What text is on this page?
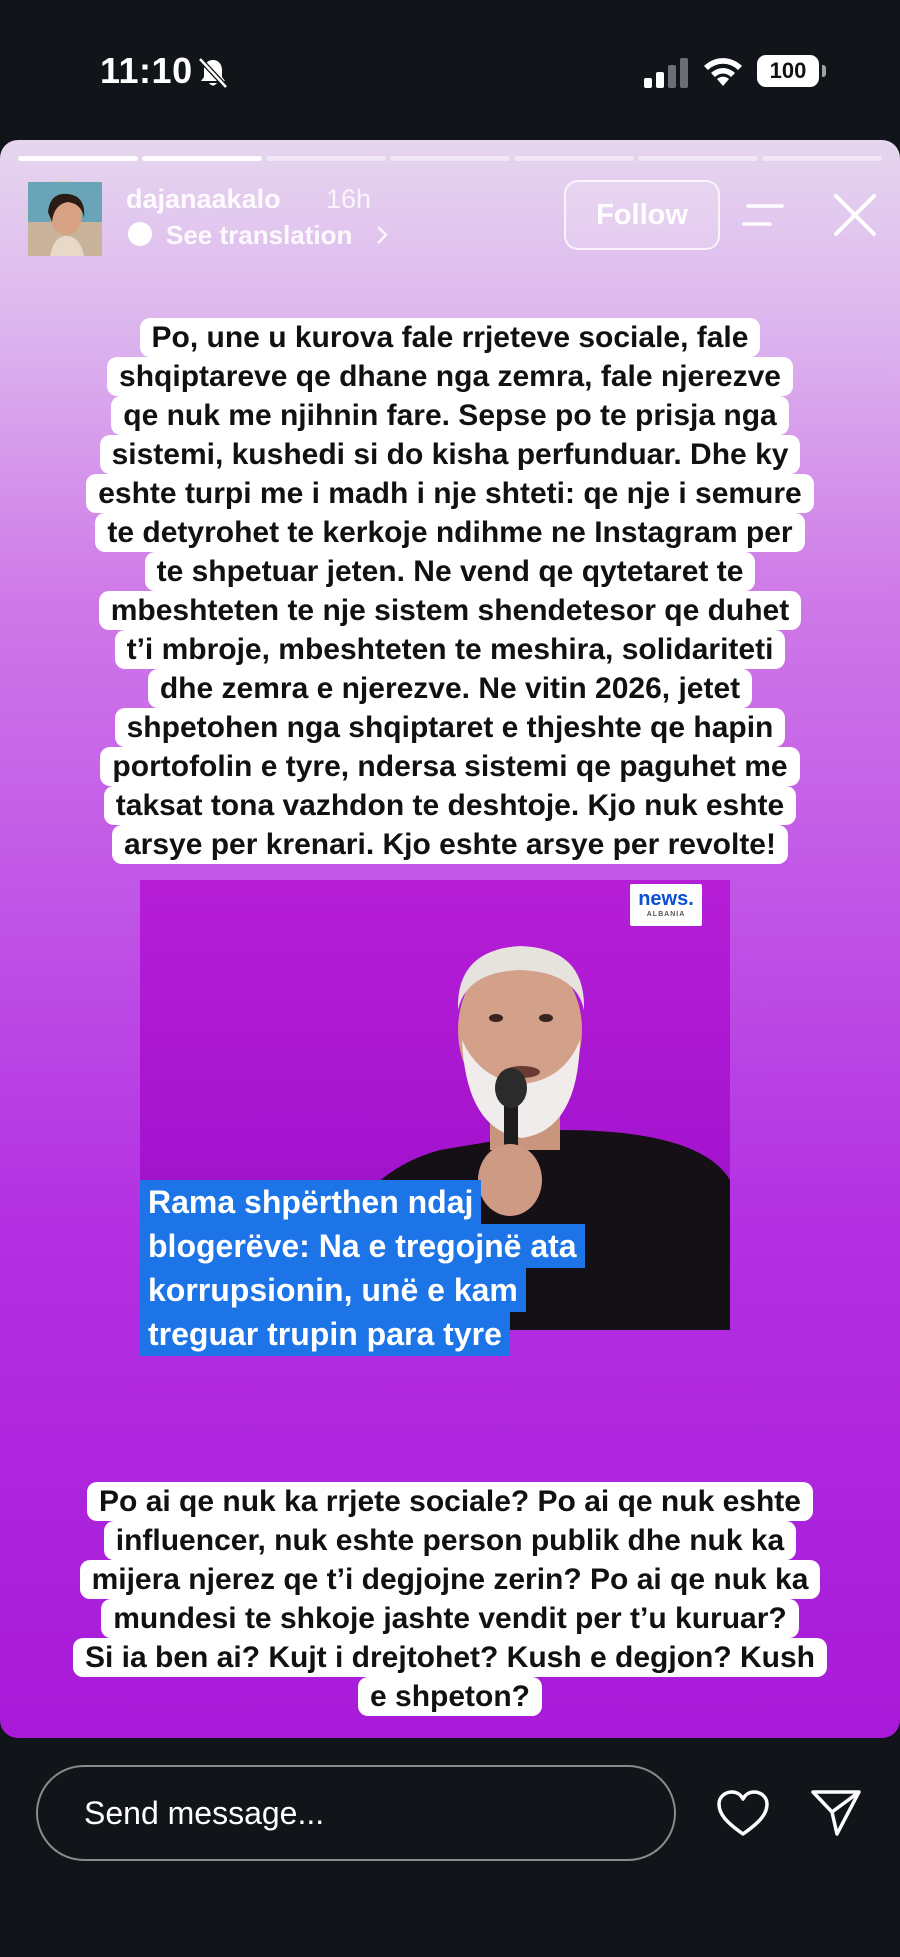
11:10	100
dajanaakalo 16h
See translation
Follow
Po, une u kurova fale rrjeteve sociale, fale
shqiptareve qe dhane nga zemra, fale njerezve
qe nuk me njihnin fare. Sepse po te prisja nga
sistemi, kushedi si do kisha perfunduar. Dhe ky
eshte turpi me i madh i nje shteti: qe nje i semure
te detyrohet te kerkoje ndihme ne Instagram per
te shpetuar jeten. Ne vend qe qytetaret te
mbeshteten te nje sistem shendetesor qe duhet
t’i mbroje, mbeshteten te meshira, solidariteti
dhe zemra e njerezve. Ne vitin 2026, jetet
shpetohen nga shqiptaret e thjeshte qe hapin
portofolin e tyre, ndersa sistemi qe paguhet me
taksat tona vazhdon te deshtoje. Kjo nuk eshte
arsye per krenari. Kjo eshte arsye per revolte!
news.
ALBANIA
Rama shpërthen ndaj
blogerëve: Na e tregojnë ata
korrupsionin, unë e kam
treguar trupin para tyre
Po ai qe nuk ka rrjete sociale? Po ai qe nuk eshte
influencer, nuk eshte person publik dhe nuk ka
mijera njerez qe t’i degjojne zerin? Po ai qe nuk ka
mundesi te shkoje jashte vendit per t’u kuruar?
Si ia ben ai? Kujt i drejtohet? Kush e degjon? Kush
e shpeton?
Send message...
